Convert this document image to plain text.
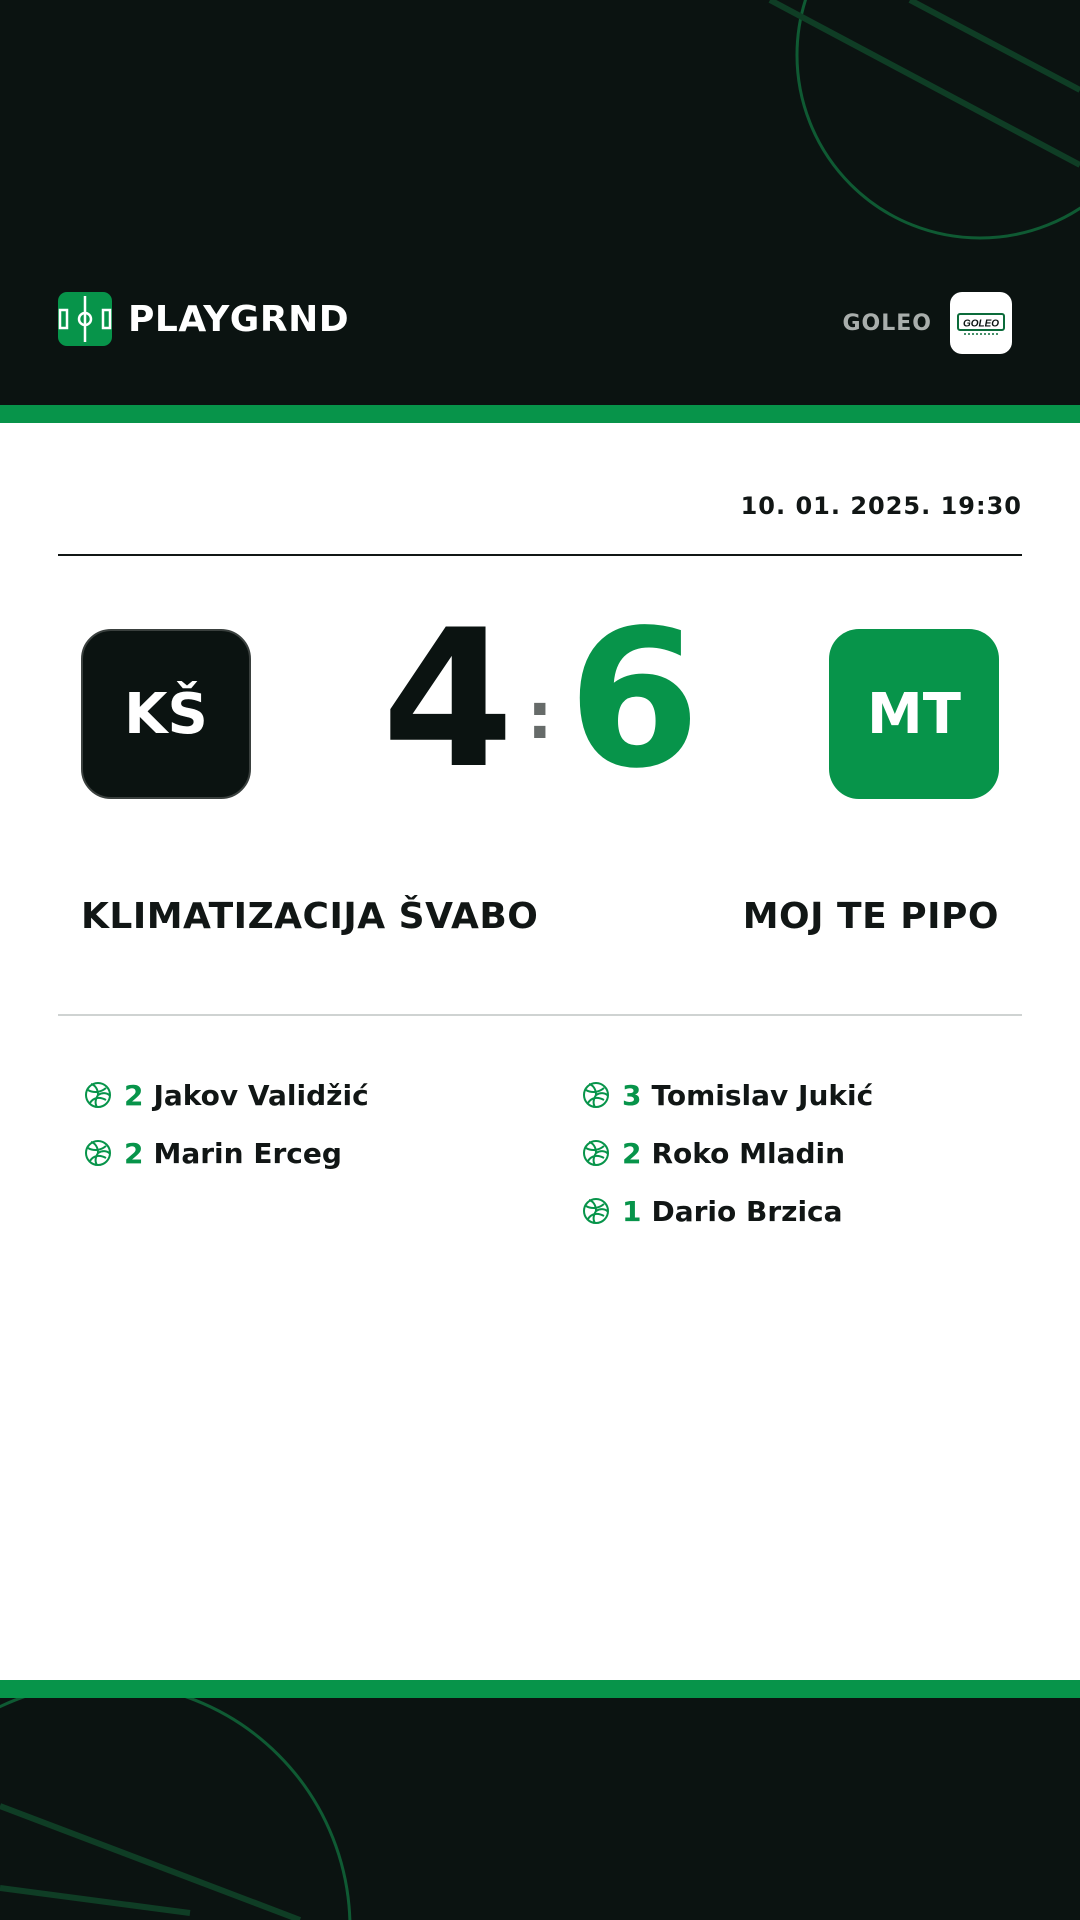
PLAYGRND	GOLEO	GOLEO
10. 01. 2025. 19:30
KŠ 4 : 6	MT
KLIMATIZACIJA ŠVABO	MOJ TE PIPO
2 Jakov Validžić
2 Marin Erceg
3 Tomislav Jukić
2 Roko Mladin
1 Dario Brzica
